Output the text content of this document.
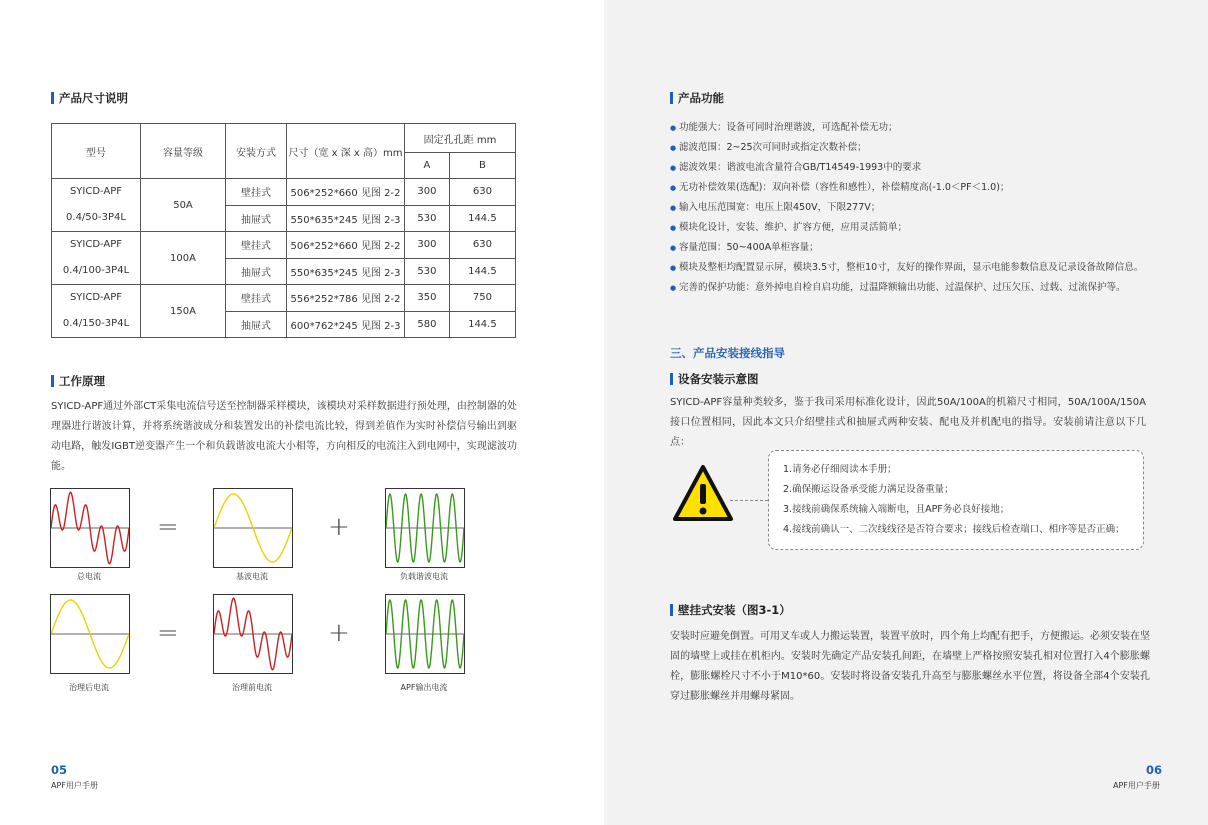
产品尺寸说明
型号	容量等级	安装方式	尺寸（宽 x 深 x 高）mm	固定孔孔距 mm	
				A	B

SYICD-APF
0.4/50-3P4L	50A	壁挂式	506*252*660 见图 2-2	300	630
		抽屉式	550*635*245 见图 2-3	530	144.5

SYICD-APF
0.4/100-3P4L	100A	壁挂式	506*252*660 见图 2-2	300	630
		抽屉式	550*635*245 见图 2-3	530	144.5

SYICD-APF
0.4/150-3P4L	150A	壁挂式	556*252*786 见图 2-2	350	750
		抽屉式	600*762*245 见图 2-3	580	144.5
工作原理
SYICD-APF通过外部CT采集电流信号送至控制器采样模块，该模块对采样数据进行预处理，由控制器的处理器进行谐波计算，并将系统谐波成分和装置发出的补偿电流比较，得到差值作为实时补偿信号输出到驱动电路，触发IGBT逆变器产生一个和负载谐波电流大小相等，方向相反的电流注入到电网中，实现滤波功能。
=	+
总电流	基波电流	负载谐波电流
=	+
治理后电流	治理前电流	APF输出电流
05
APF用户手册
产品功能
● 功能强大：设备可同时治理谐波，可选配补偿无功；
● 滤波范围：2~25次可同时或指定次数补偿；
● 滤波效果：谐波电流含量符合GB/T14549-1993中的要求
● 无功补偿效果(选配)：双向补偿（容性和感性），补偿精度高(-1.0＜PF＜1.0)；
● 输入电压范围宽：电压上限450V，下限277V；
● 模块化设计，安装、维护、扩容方便，应用灵活简单；
● 容量范围：50~400A单柜容量；
● 模块及整柜均配置显示屏，模块3.5寸，整柜10寸，友好的操作界面，显示电能参数信息及记录设备故障信息。
● 完善的保护功能：意外掉电自检自启功能，过温降额输出功能、过温保护、过压欠压、过载、过流保护等。
三、产品安装接线指导
设备安装示意图
SYICD-APF容量种类较多，鉴于我司采用标准化设计，因此50A/100A的机箱尺寸相同，50A/100A/150A接口位置相同，因此本文只介绍壁挂式和抽屉式两种安装、配电及并机配电的指导。安装前请注意以下几点：
1.请务必仔细阅读本手册；
2.确保搬运设备承受能力满足设备重量；
3.接线前确保系统输入端断电，且APF务必良好接地；
4.接线前确认一、二次线线径是否符合要求；接线后检查端口、相序等是否正确；
壁挂式安装（图3-1）
安装时应避免倒置。可用叉车或人力搬运装置，装置平放时，四个角上均配有把手，方便搬运。必须安装在坚固的墙壁上或挂在机柜内。安装时先确定产品安装孔间距，在墙壁上严格按照安装孔相对位置打入4个膨胀螺栓，膨胀螺栓尺寸不小于M10*60。安装时将设备安装孔升高至与膨胀螺丝水平位置，将设备全部4个安装孔穿过膨胀螺丝并用螺母紧固。
06
APF用户手册
